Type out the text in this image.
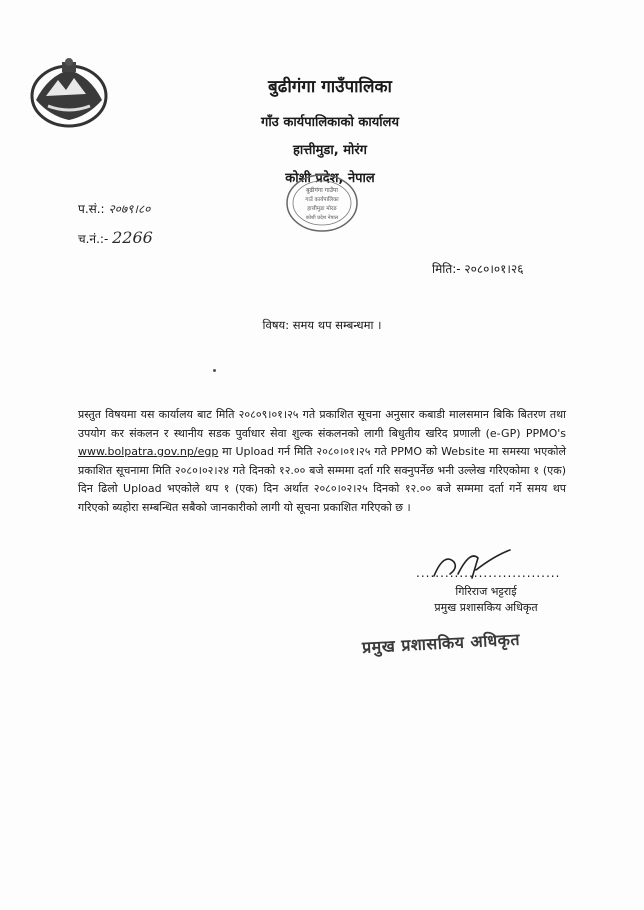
बुढीगंगा गाउँपालिका
गाँउ कार्यपालिकाको कार्यालय
हात्तीमुडा, मोरंग
कोशी प्रदेश, नेपाल
बुढीगंगा गाउँपा
गाउँ कार्यपालिका
हात्तीमुडा मोरङ
कोशी प्रदेश नेपाल
प.सं.: २०७९।८०
च.नं.:- 2266
मिति:- २०८०।०१।२६
विषय: समय थप सम्बन्धमा ।
प्रस्तुत विषयमा यस कार्यालय बाट मिति २०८०९।०१।२५ गते प्रकाशित सूचना अनुसार कबाडी मालसमान बिकि बितरण तथा उपयोग कर संकलन र स्थानीय सडक पुर्वाधार सेवा शुल्क संकलनको लागी बिधुतीय खरिद प्रणाली (e-GP) PPMO's www.bolpatra.gov.np/egp मा Upload गर्न मिति २०८०।०१।२५ गते PPMO को Website मा समस्या भएकोले प्रकाशित सूचनामा मिति २०८०।०२।२४ गते दिनको १२.०० बजे सम्ममा दर्ता गरि सक्नुपर्नेछ भनी उल्लेख गरिएकोमा १ (एक) दिन ढिलो Upload भएकोले थप १ (एक) दिन अर्थात २०८०।०२।२५ दिनको १२.०० बजे सम्ममा दर्ता गर्ने समय थप गरिएको ब्यहोरा सम्बन्धित सबैको जानकारीको लागी यो सूचना प्रकाशित गरिएको छ ।
..............................
गिरिराज भट्टराई
प्रमुख प्रशासकिय अधिकृत
प्रमुख प्रशासकिय अधिकृत
